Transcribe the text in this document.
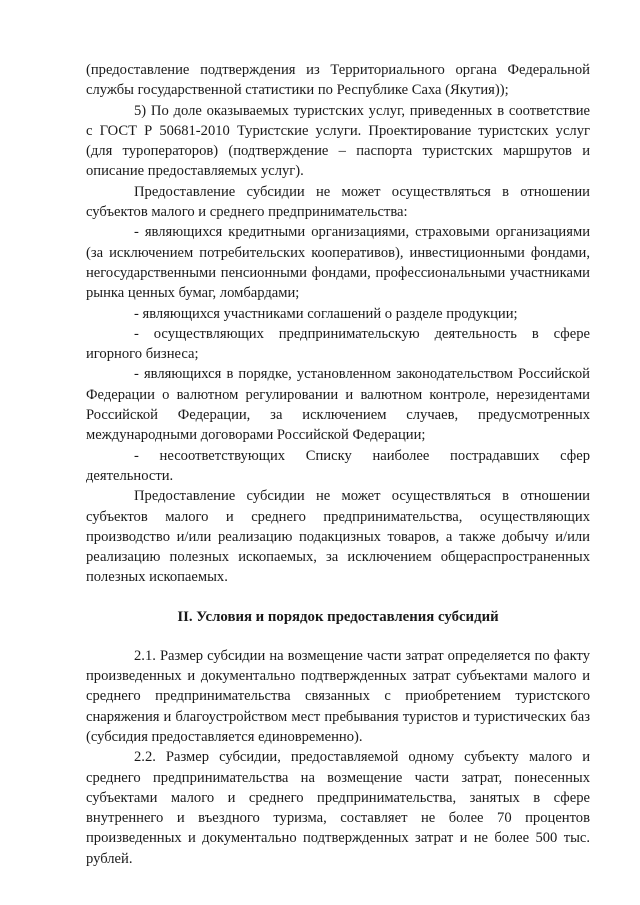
(предоставление подтверждения из Территориального органа Федеральной службы государственной статистики по Республике Саха (Якутия));

5) По доле оказываемых туристских услуг, приведенных в соответствие с ГОСТ Р 50681-2010 Туристские услуги. Проектирование туристских услуг (для туроператоров) (подтверждение – паспорта туристских маршрутов и описание предоставляемых услуг).

Предоставление субсидии не может осуществляться в отношении субъектов малого и среднего предпринимательства:

- являющихся кредитными организациями, страховыми организациями (за исключением потребительских кооперативов), инвестиционными фондами, негосударственными пенсионными фондами, профессиональными участниками рынка ценных бумаг, ломбардами;

- являющихся участниками соглашений о разделе продукции;

- осуществляющих предпринимательскую деятельность в сфере игорного бизнеса;

- являющихся в порядке, установленном законодательством Российской Федерации о валютном регулировании и валютном контроле, нерезидентами Российской Федерации, за исключением случаев, предусмотренных международными договорами Российской Федерации;

- несоответствующих Списку наиболее пострадавших сфер деятельности.

Предоставление субсидии не может осуществляться в отношении субъектов малого и среднего предпринимательства, осуществляющих производство и/или реализацию подакцизных товаров, а также добычу и/или реализацию полезных ископаемых, за исключением общераспространенных полезных ископаемых.

II. Условия и порядок предоставления субсидий

2.1. Размер субсидии на возмещение части затрат определяется по факту произведенных и документально подтвержденных затрат субъектами малого и среднего предпринимательства связанных с приобретением туристского снаряжения и благоустройством мест пребывания туристов и туристических баз (субсидия предоставляется единовременно).

2.2. Размер субсидии, предоставляемой одному субъекту малого и среднего предпринимательства на возмещение части затрат, понесенных субъектами малого и среднего предпринимательства, занятых в сфере внутреннего и въездного туризма, составляет не более 70 процентов произведенных и документально подтвержденных затрат и не более 500 тыс. рублей.
